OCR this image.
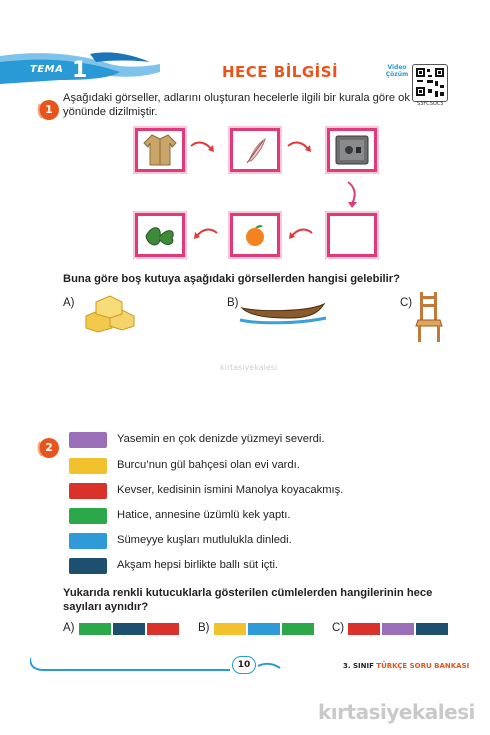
TEMA 1	HECE BİLGİSİ	Video Çözüm
S3FCSOC5
1
Aşağıdaki görseller, adlarını oluşturan hecelerle ilgili bir kurala göre ok yönünde dizilmiştir.
Buna göre boş kutuya aşağıdaki görsellerden hangisi gelebilir?
A)	B)	C)
kirtasiyekalesi
2
Yasemin en çok denizde yüzmeyi severdi.
Burcu’nun gül bahçesi olan evi vardı.
Kevser, kedisinin ismini Manolya koyacakmış.
Hatice, annesine üzümlü kek yaptı.
Sümeyye kuşları mutlulukla dinledi.
Akşam hepsi birlikte ballı süt içti.
Yukarıda renkli kutucuklarla gösterilen cümlelerden hangilerinin hece sayıları aynıdır?
A)	B)	C)
10	3. SINIF TÜRKÇE SORU BANKASI
kırtasiyekalesi
